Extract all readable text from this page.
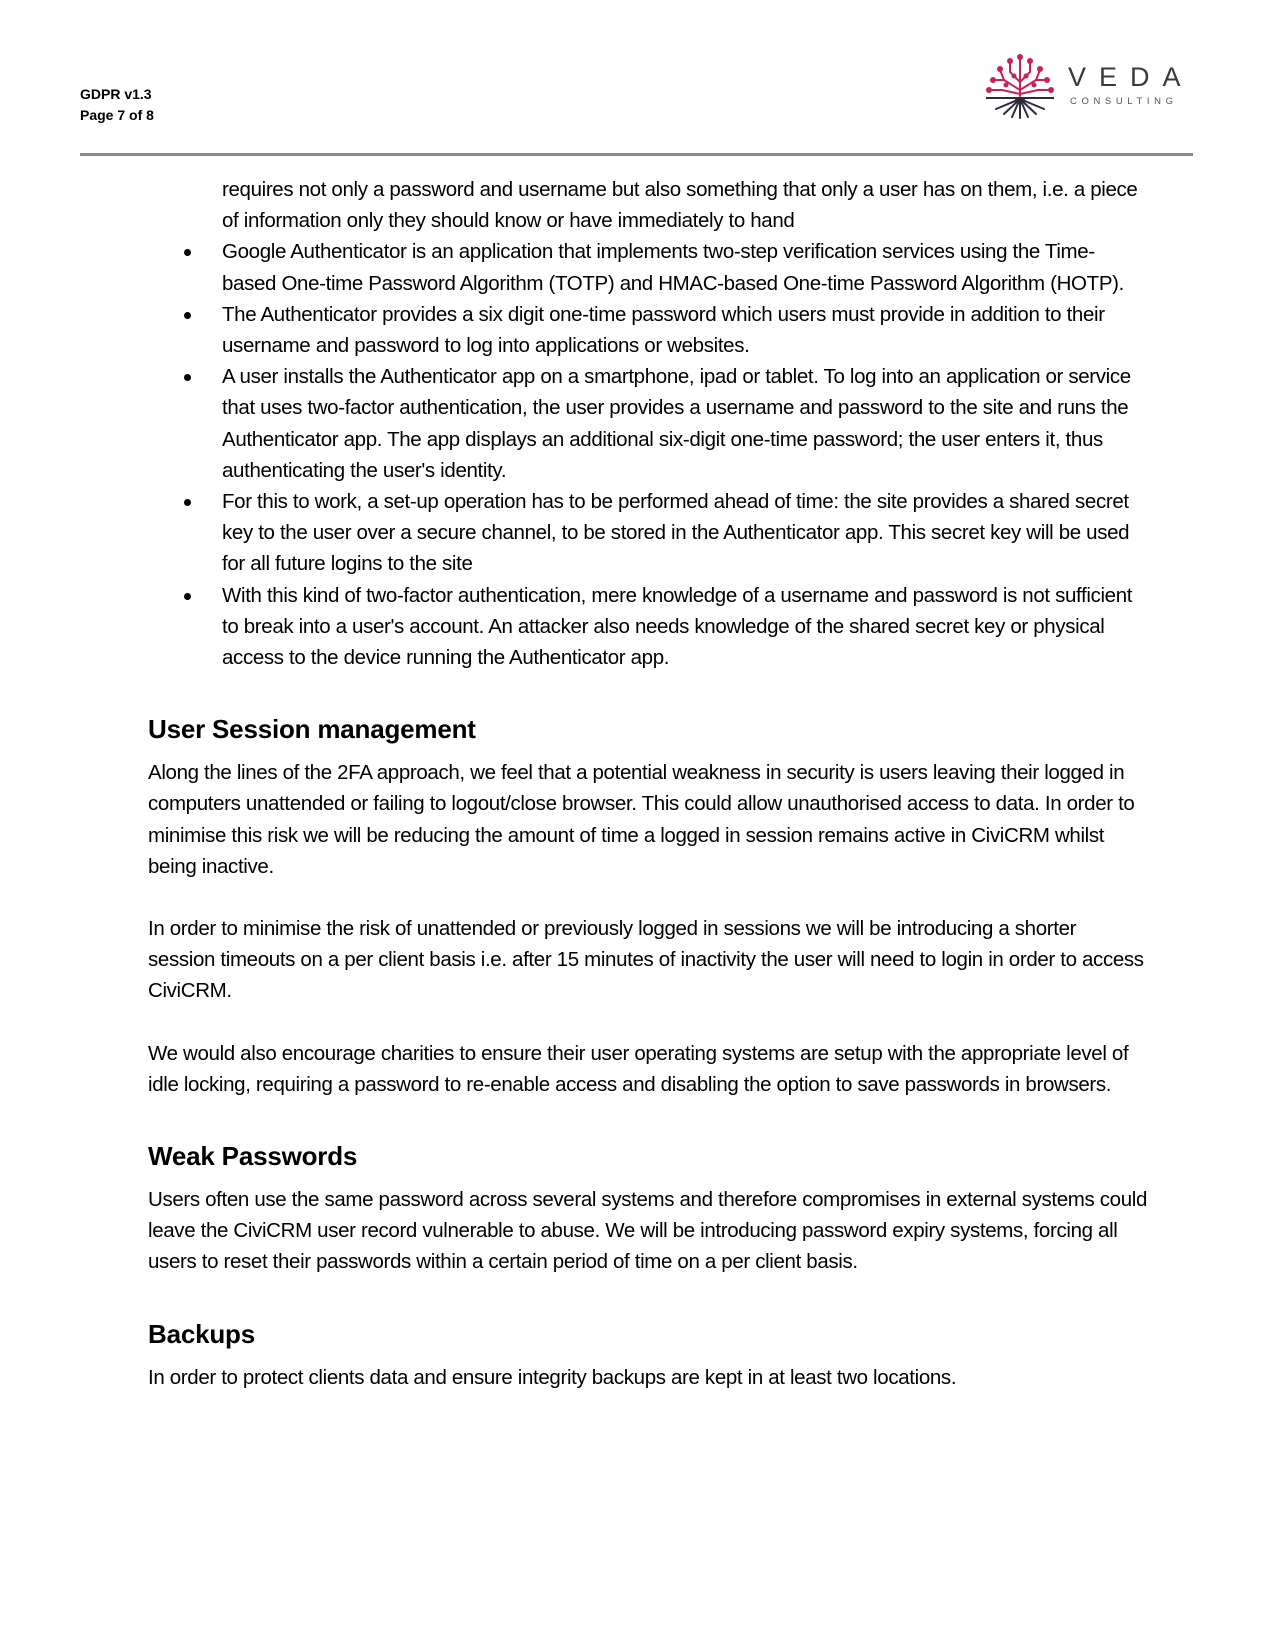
GDPR v1.3
Page 7 of 8
VEDA
CONSULTING
requires not only a password and username but also something that only a user has on them, i.e. a piece of information only they should know or have immediately to hand
Google Authenticator is an application that implements two-step verification services using the Time-based One-time Password Algorithm (TOTP) and HMAC-based One-time Password Algorithm (HOTP).
The Authenticator provides a six digit one-time password which users must provide in addition to their username and password to log into applications or websites.
A user installs the Authenticator app on a smartphone, ipad or tablet. To log into an application or service that uses two-factor authentication, the user provides a username and password to the site and runs the Authenticator app. The app displays an additional six-digit one-time password; the user enters it, thus authenticating the user's identity.
For this to work, a set-up operation has to be performed ahead of time: the site provides a shared secret key to the user over a secure channel, to be stored in the Authenticator app. This secret key will be used for all future logins to the site
With this kind of two-factor authentication, mere knowledge of a username and password is not sufficient to break into a user's account. An attacker also needs knowledge of the shared secret key or physical access to the device running the Authenticator app.
User Session management

Along the lines of the 2FA approach, we feel that a potential weakness in security is users leaving their logged in computers unattended or failing to logout/close browser. This could allow unauthorised access to data. In order to minimise this risk we will be reducing the amount of time a logged in session remains active in CiviCRM whilst being inactive.

In order to minimise the risk of unattended or previously logged in sessions we will be introducing a shorter session timeouts on a per client basis i.e. after 15 minutes of inactivity the user will need to login in order to access CiviCRM.

We would also encourage charities to ensure their user operating systems are setup with the appropriate level of idle locking, requiring a password to re-enable access and disabling the option to save passwords in browsers.

Weak Passwords

Users often use the same password across several systems and therefore compromises in external systems could leave the CiviCRM user record vulnerable to abuse. We will be introducing password expiry systems, forcing all users to reset their passwords within a certain period of time on a per client basis.

Backups

In order to protect clients data and ensure integrity backups are kept in at least two locations.
